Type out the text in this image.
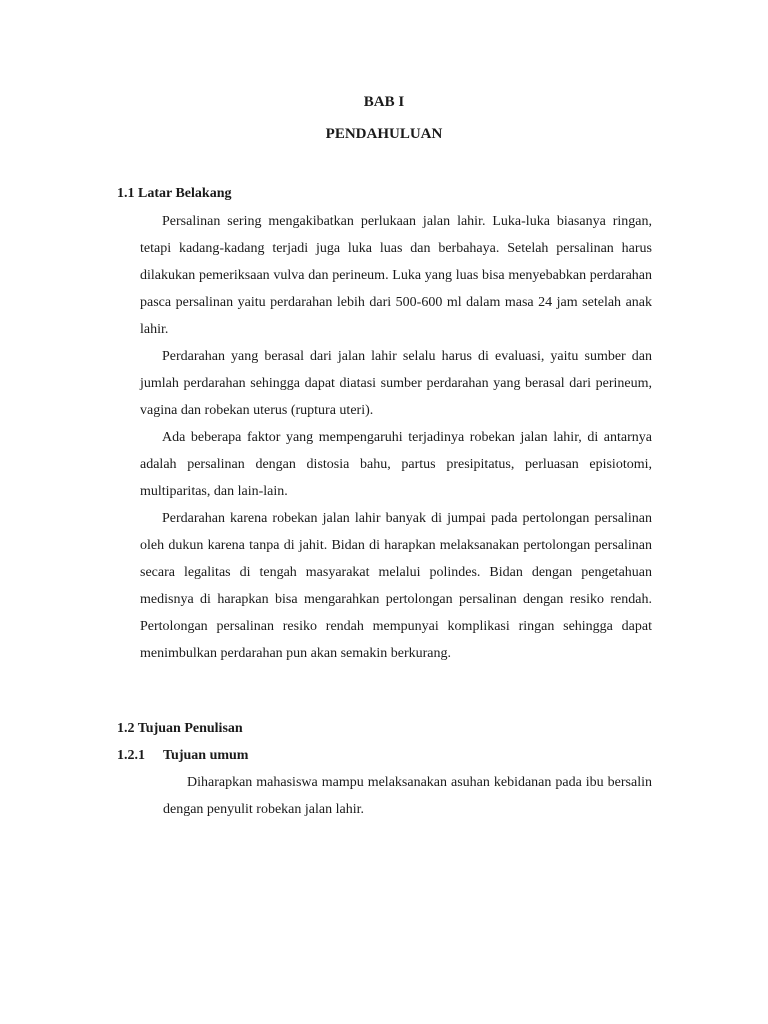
BAB I
PENDAHULUAN
1.1 Latar Belakang

Persalinan sering mengakibatkan perlukaan jalan lahir. Luka-luka biasanya ringan, tetapi kadang-kadang terjadi juga luka luas dan berbahaya. Setelah persalinan harus dilakukan pemeriksaan vulva dan perineum. Luka yang luas bisa menyebabkan perdarahan pasca persalinan yaitu perdarahan lebih dari 500-600 ml dalam masa 24 jam setelah anak lahir.

Perdarahan yang berasal dari jalan lahir selalu harus di evaluasi, yaitu sumber dan jumlah perdarahan sehingga dapat diatasi sumber perdarahan yang berasal dari perineum, vagina dan robekan uterus (ruptura uteri).

Ada beberapa faktor yang mempengaruhi terjadinya robekan jalan lahir, di antarnya adalah persalinan dengan distosia bahu, partus presipitatus, perluasan episiotomi, multiparitas, dan lain-lain.

Perdarahan karena robekan jalan lahir banyak di jumpai pada pertolongan persalinan oleh dukun karena tanpa di jahit. Bidan di harapkan melaksanakan pertolongan persalinan secara legalitas di tengah masyarakat melalui polindes. Bidan dengan pengetahuan medisnya di harapkan bisa mengarahkan pertolongan persalinan dengan resiko rendah. Pertolongan persalinan resiko rendah mempunyai komplikasi ringan sehingga dapat menimbulkan perdarahan pun akan semakin berkurang.

1.2 Tujuan Penulisan
1.2.1 Tujuan umum

Diharapkan mahasiswa mampu melaksanakan asuhan kebidanan pada ibu bersalin dengan penyulit robekan jalan lahir.
